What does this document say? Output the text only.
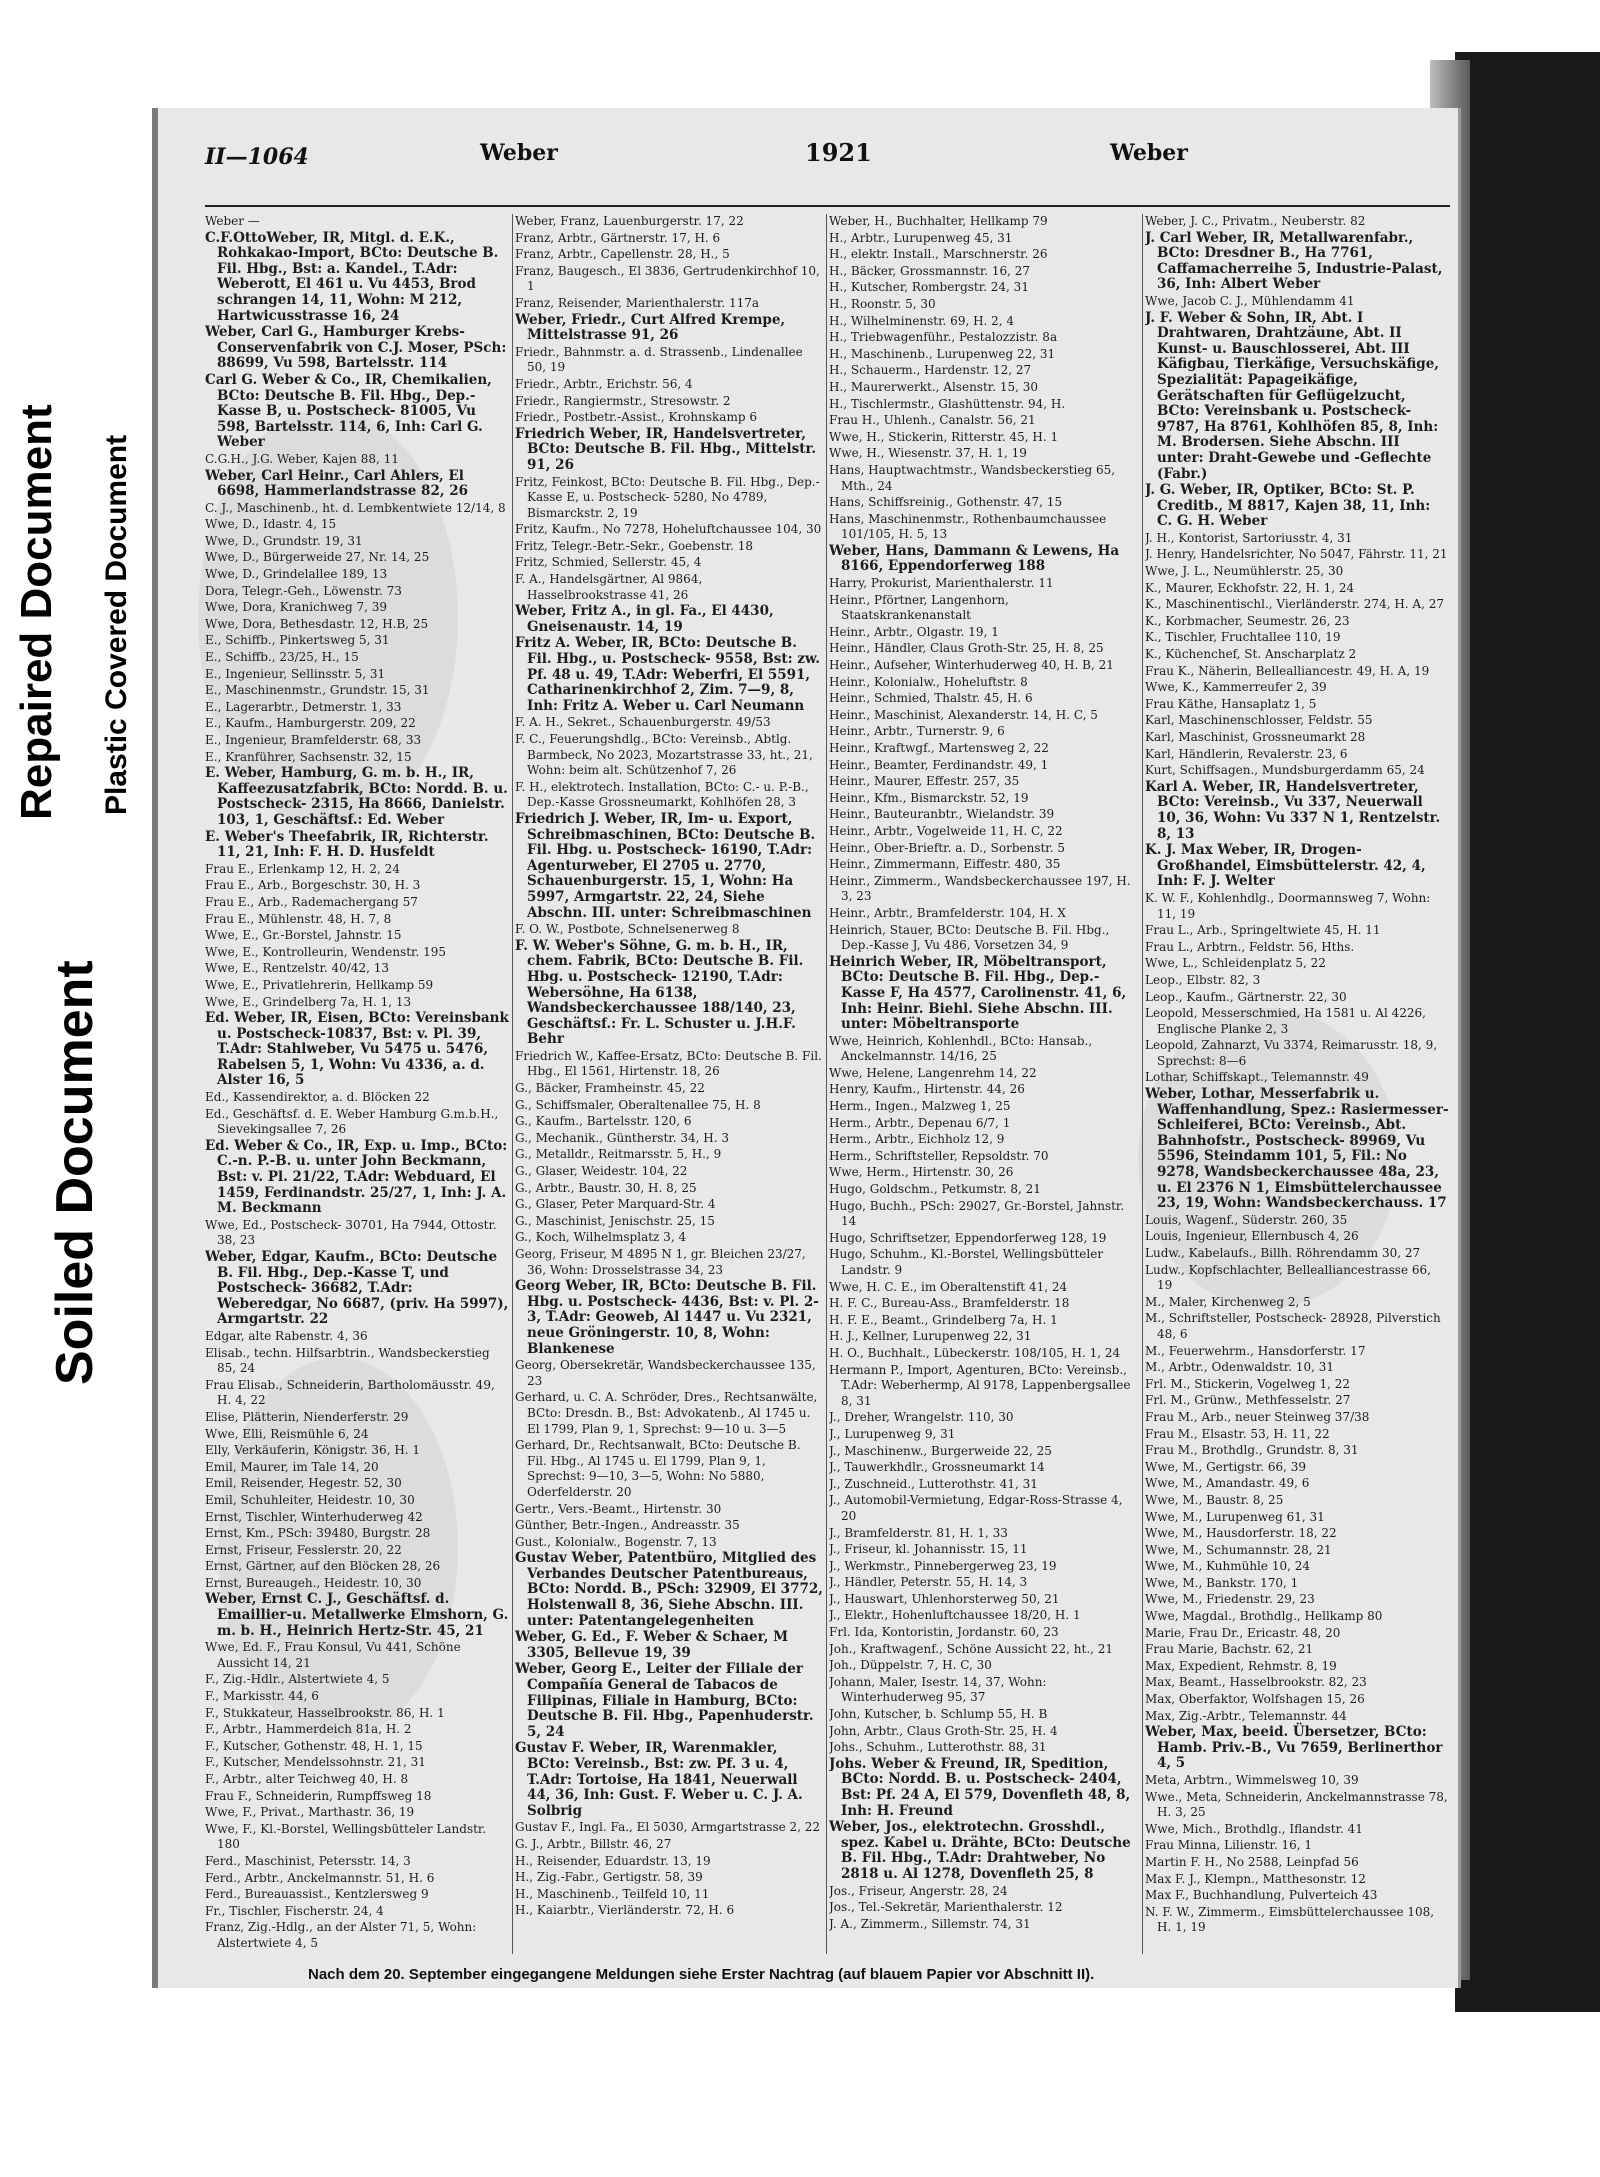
Repaired Document Plastic Covered Document
Soiled Document
II—1064	Weber	1921	Weber
Weber —
C.F.OttoWeber, IR, Mitgl. d. E.K., Rohkakao-Import, BCto: Deutsche B. Fil. Hbg., Bst: a. Kandel., T.Adr: Weberott, El 461 u. Vu 4453, Brod schrangen 14, 11, Wohn: M 212, Hartwicusstrasse 16, 24
Weber, Carl G., Hamburger Krebs-Conservenfabrik von C.J. Moser, PSch: 88699, Vu 598, Bartelsstr. 114
Carl G. Weber & Co., IR, Chemikalien, BCto: Deutsche B. Fil. Hbg., Dep.-Kasse B, u. Postscheck- 81005, Vu 598, Bartelsstr. 114, 6, Inh: Carl G. Weber
C.G.H., J.G. Weber, Kajen 88, 11
Weber, Carl Heinr., Carl Ahlers, El 6698, Hammerlandstrasse 82, 26
C. J., Maschinenb., ht. d. Lembkentwiete 12/14, 8
Wwe, D., Idastr. 4, 15
Wwe, D., Grundstr. 19, 31
Wwe, D., Bürgerweide 27, Nr. 14, 25
Wwe, D., Grindelallee 189, 13
Dora, Telegr.-Geh., Löwenstr. 73
Wwe, Dora, Kranichweg 7, 39
Wwe, Dora, Bethesdastr. 12, H.B, 25
E., Schiffb., Pinkertsweg 5, 31
E., Schiffb., 23/25, H., 15
E., Ingenieur, Sellinsstr. 5, 31
E., Maschinenmstr., Grundstr. 15, 31
E., Lagerarbtr., Detmerstr. 1, 33
E., Kaufm., Hamburgerstr. 209, 22
E., Ingenieur, Bramfelderstr. 68, 33
E., Kranführer, Sachsenstr. 32, 15
E. Weber, Hamburg, G. m. b. H., IR, Kaffeezusatzfabrik, BCto: Nordd. B. u. Postscheck- 2315, Ha 8666, Danielstr. 103, 1, Geschäftsf.: Ed. Weber
E. Weber's Theefabrik, IR, Richterstr. 11, 21, Inh: F. H. D. Husfeldt
Frau E., Erlenkamp 12, H. 2, 24
Frau E., Arb., Borgeschstr. 30, H. 3
Frau E., Arb., Rademachergang 57
Frau E., Mühlenstr. 48, H. 7, 8
Wwe, E., Gr.-Borstel, Jahnstr. 15
Wwe, E., Kontrolleurin, Wendenstr. 195
Wwe, E., Rentzelstr. 40/42, 13
Wwe, E., Privatlehrerin, Hellkamp 59
Wwe, E., Grindelberg 7a, H. 1, 13
Ed. Weber, IR, Eisen, BCto: Vereinsbank u. Postscheck-10837, Bst: v. Pl. 39, T.Adr: Stahlweber, Vu 5475 u. 5476, Rabelsen 5, 1, Wohn: Vu 4336, a. d. Alster 16, 5
Ed., Kassendirektor, a. d. Blöcken 22
Ed., Geschäftsf. d. E. Weber Hamburg G.m.b.H., Sievekingsallee 7, 26
Ed. Weber & Co., IR, Exp. u. Imp., BCto: C.-n. P.-B. u. unter John Beckmann, Bst: v. Pl. 21/22, T.Adr: Webduard, El 1459, Ferdinandstr. 25/27, 1, Inh: J. A. M. Beckmann
Wwe, Ed., Postscheck- 30701, Ha 7944, Ottostr. 38, 23
Weber, Edgar, Kaufm., BCto: Deutsche B. Fil. Hbg., Dep.-Kasse T, und Postscheck- 36682, T.Adr: Weberedgar, No 6687, (priv. Ha 5997), Armgartstr. 22
Edgar, alte Rabenstr. 4, 36
Elisab., techn. Hilfsarbtrin., Wandsbeckerstieg 85, 24
Frau Elisab., Schneiderin, Bartholomäusstr. 49, H. 4, 22
Elise, Plätterin, Nienderferstr. 29
Wwe, Elli, Reismühle 6, 24
Elly, Verkäuferin, Königstr. 36, H. 1
Emil, Maurer, im Tale 14, 20
Emil, Reisender, Hegestr. 52, 30
Emil, Schuhleiter, Heidestr. 10, 30
Ernst, Tischler, Winterhuderweg 42
Ernst, Km., PSch: 39480, Burgstr. 28
Ernst, Friseur, Fesslerstr. 20, 22
Ernst, Gärtner, auf den Blöcken 28, 26
Ernst, Bureaugeh., Heidestr. 10, 30
Weber, Ernst C. J., Geschäftsf. d. Emaillier-u. Metallwerke Elmshorn, G. m. b. H., Heinrich Hertz-Str. 45, 21
Wwe, Ed. F., Frau Konsul, Vu 441, Schöne Aussicht 14, 21
F., Zig.-Hdlr., Alstertwiete 4, 5
F., Markisstr. 44, 6
F., Stukkateur, Hasselbrookstr. 86, H. 1
F., Arbtr., Hammerdeich 81a, H. 2
F., Kutscher, Gothenstr. 48, H. 1, 15
F., Kutscher, Mendelssohnstr. 21, 31
F., Arbtr., alter Teichweg 40, H. 8
Frau F., Schneiderin, Rumpffsweg 18
Wwe, F., Privat., Marthastr. 36, 19
Wwe, F., Kl.-Borstel, Wellingsbütteler Landstr. 180
Ferd., Maschinist, Petersstr. 14, 3
Ferd., Arbtr., Anckelmannstr. 51, H. 6
Ferd., Bureauassist., Kentzlersweg 9
Fr., Tischler, Fischerstr. 24, 4
Franz, Zig.-Hdlg., an der Alster 71, 5, Wohn: Alstertwiete 4, 5
Weber, Franz, Lauenburgerstr. 17, 22
Franz, Arbtr., Gärtnerstr. 17, H. 6
Franz, Arbtr., Capellenstr. 28, H., 5
Franz, Baugesch., El 3836, Gertrudenkirchhof 10, 1
Franz, Reisender, Marienthalerstr. 117a
Weber, Friedr., Curt Alfred Krempe, Mittelstrasse 91, 26
Friedr., Bahnmstr. a. d. Strassenb., Lindenallee 50, 19
Friedr., Arbtr., Erichstr. 56, 4
Friedr., Rangiermstr., Stresowstr. 2
Friedr., Postbetr.-Assist., Krohnskamp 6
Friedrich Weber, IR, Handelsvertreter, BCto: Deutsche B. Fil. Hbg., Mittelstr. 91, 26
Fritz, Feinkost, BCto: Deutsche B. Fil. Hbg., Dep.-Kasse E, u. Postscheck- 5280, No 4789, Bismarckstr. 2, 19
Fritz, Kaufm., No 7278, Hoheluftchaussee 104, 30
Fritz, Telegr.-Betr.-Sekr., Goebenstr. 18
Fritz, Schmied, Sellerstr. 45, 4
F. A., Handelsgärtner, Al 9864, Hasselbrookstrasse 41, 26
Weber, Fritz A., in gl. Fa., El 4430, Gneisenaustr. 14, 19
Fritz A. Weber, IR, BCto: Deutsche B. Fil. Hbg., u. Postscheck- 9558, Bst: zw. Pf. 48 u. 49, T.Adr: Weberfri, El 5591, Catharinenkirchhof 2, Zim. 7—9, 8, Inh: Fritz A. Weber u. Carl Neumann
F. A. H., Sekret., Schauenburgerstr. 49/53
F. C., Feuerungshdlg., BCto: Vereinsb., Abtlg. Barmbeck, No 2023, Mozartstrasse 33, ht., 21, Wohn: beim alt. Schützenhof 7, 26
F. H., elektrotech. Installation, BCto: C.- u. P.-B., Dep.-Kasse Grossneumarkt, Kohlhöfen 28, 3
Friedrich J. Weber, IR, Im- u. Export, Schreibmaschinen, BCto: Deutsche B. Fil. Hbg. u. Postscheck- 16190, T.Adr: Agenturweber, El 2705 u. 2770, Schauenburgerstr. 15, 1, Wohn: Ha 5997, Armgartstr. 22, 24, Siehe Abschn. III. unter: Schreibmaschinen
F. O. W., Postbote, Schnelsenerweg 8
F. W. Weber's Söhne, G. m. b. H., IR, chem. Fabrik, BCto: Deutsche B. Fil. Hbg. u. Postscheck- 12190, T.Adr: Webersöhne, Ha 6138, Wandsbeckerchaussee 188/140, 23, Geschäftsf.: Fr. L. Schuster u. J.H.F. Behr
Friedrich W., Kaffee-Ersatz, BCto: Deutsche B. Fil. Hbg., El 1561, Hirtenstr. 18, 26
G., Bäcker, Framheinstr. 45, 22
G., Schiffsmaler, Oberaltenallee 75, H. 8
G., Kaufm., Bartelsstr. 120, 6
G., Mechanik., Güntherstr. 34, H. 3
G., Metalldr., Reitmarsstr. 5, H., 9
G., Glaser, Weidestr. 104, 22
G., Arbtr., Baustr. 30, H. 8, 25
G., Glaser, Peter Marquard-Str. 4
G., Maschinist, Jenischstr. 25, 15
G., Koch, Wilhelmsplatz 3, 4
Georg, Friseur, M 4895 N 1, gr. Bleichen 23/27, 36, Wohn: Drosselstrasse 34, 23
Georg Weber, IR, BCto: Deutsche B. Fil. Hbg. u. Postscheck- 4436, Bst: v. Pl. 2-3, T.Adr: Geoweb, Al 1447 u. Vu 2321, neue Gröningerstr. 10, 8, Wohn: Blankenese
Georg, Obersekretär, Wandsbeckerchaussee 135, 23
Gerhard, u. C. A. Schröder, Dres., Rechtsanwälte, BCto: Dresdn. B., Bst: Advokatenb., Al 1745 u. El 1799, Plan 9, 1, Sprechst: 9—10 u. 3—5
Gerhard, Dr., Rechtsanwalt, BCto: Deutsche B. Fil. Hbg., Al 1745 u. El 1799, Plan 9, 1, Sprechst: 9—10, 3—5, Wohn: No 5880, Oderfelderstr. 20
Gertr., Vers.-Beamt., Hirtenstr. 30
Günther, Betr.-Ingen., Andreasstr. 35
Gust., Kolonialw., Bogenstr. 7, 13
Gustav Weber, Patentbüro, Mitglied des Verbandes Deutscher Patentbureaus, BCto: Nordd. B., PSch: 32909, El 3772, Holstenwall 8, 36, Siehe Abschn. III. unter: Patentangelegenheiten
Weber, G. Ed., F. Weber & Schaer, M 3305, Bellevue 19, 39
Weber, Georg E., Leiter der Filiale der Compañía General de Tabacos de Filipinas, Filiale in Hamburg, BCto: Deutsche B. Fil. Hbg., Papenhuderstr. 5, 24
Gustav F. Weber, IR, Warenmakler, BCto: Vereinsb., Bst: zw. Pf. 3 u. 4, T.Adr: Tortoise, Ha 1841, Neuerwall 44, 36, Inh: Gust. F. Weber u. C. J. A. Solbrig
Gustav F., Ingl. Fa., El 5030, Armgartstrasse 2, 22
G. J., Arbtr., Billstr. 46, 27
H., Reisender, Eduardstr. 13, 19
H., Zig.-Fabr., Gertigstr. 58, 39
H., Maschinenb., Teilfeld 10, 11
H., Kaiarbtr., Vierländerstr. 72, H. 6
Weber, H., Buchhalter, Hellkamp 79
H., Arbtr., Lurupenweg 45, 31
H., elektr. Install., Marschnerstr. 26
H., Bäcker, Grossmannstr. 16, 27
H., Kutscher, Rombergstr. 24, 31
H., Roonstr. 5, 30
H., Wilhelminenstr. 69, H. 2, 4
H., Triebwagenführ., Pestalozzistr. 8a
H., Maschinenb., Lurupenweg 22, 31
H., Schauerm., Hardenstr. 12, 27
H., Maurerwerkt., Alsenstr. 15, 30
H., Tischlermstr., Glashüttenstr. 94, H.
Frau H., Uhlenh., Canalstr. 56, 21
Wwe, H., Stickerin, Ritterstr. 45, H. 1
Wwe, H., Wiesenstr. 37, H. 1, 19
Hans, Hauptwachtmstr., Wandsbeckerstieg 65, Mth., 24
Hans, Schiffsreinig., Gothenstr. 47, 15
Hans, Maschinenmstr., Rothenbaumchaussee 101/105, H. 5, 13
Weber, Hans, Dammann & Lewens, Ha 8166, Eppendorferweg 188
Harry, Prokurist, Marienthalerstr. 11
Heinr., Pförtner, Langenhorn, Staatskrankenanstalt
Heinr., Arbtr., Olgastr. 19, 1
Heinr., Händler, Claus Groth-Str. 25, H. 8, 25
Heinr., Aufseher, Winterhuderweg 40, H. B, 21
Heinr., Kolonialw., Hoheluftstr. 8
Heinr., Schmied, Thalstr. 45, H. 6
Heinr., Maschinist, Alexanderstr. 14, H. C, 5
Heinr., Arbtr., Turnerstr. 9, 6
Heinr., Kraftwgf., Martensweg 2, 22
Heinr., Beamter, Ferdinandstr. 49, 1
Heinr., Maurer, Effestr. 257, 35
Heinr., Kfm., Bismarckstr. 52, 19
Heinr., Bauteuranbtr., Wielandstr. 39
Heinr., Arbtr., Vogelweide 11, H. C, 22
Heinr., Ober-Brieftr. a. D., Sorbenstr. 5
Heinr., Zimmermann, Eiffestr. 480, 35
Heinr., Zimmerm., Wandsbeckerchaussee 197, H. 3, 23
Heinr., Arbtr., Bramfelderstr. 104, H. X
Heinrich, Stauer, BCto: Deutsche B. Fil. Hbg., Dep.-Kasse J, Vu 486, Vorsetzen 34, 9
Heinrich Weber, IR, Möbeltransport, BCto: Deutsche B. Fil. Hbg., Dep.-Kasse F, Ha 4577, Carolinenstr. 41, 6, Inh: Heinr. Biehl. Siehe Abschn. III. unter: Möbeltransporte
Wwe, Heinrich, Kohlenhdl., BCto: Hansab., Anckelmannstr. 14/16, 25
Wwe, Helene, Langenrehm 14, 22
Henry, Kaufm., Hirtenstr. 44, 26
Herm., Ingen., Malzweg 1, 25
Herm., Arbtr., Depenau 6/7, 1
Herm., Arbtr., Eichholz 12, 9
Herm., Schriftsteller, Repsoldstr. 70
Wwe, Herm., Hirtenstr. 30, 26
Hugo, Goldschm., Petkumstr. 8, 21
Hugo, Buchh., PSch: 29027, Gr.-Borstel, Jahnstr. 14
Hugo, Schriftsetzer, Eppendorferweg 128, 19
Hugo, Schuhm., Kl.-Borstel, Wellingsbütteler Landstr. 9
Wwe, H. C. E., im Oberaltenstift 41, 24
H. F. C., Bureau-Ass., Bramfelderstr. 18
H. F. E., Beamt., Grindelberg 7a, H. 1
H. J., Kellner, Lurupenweg 22, 31
H. O., Buchhalt., Lübeckerstr. 108/105, H. 1, 24
Hermann P., Import, Agenturen, BCto: Vereinsb., T.Adr: Weberhermp, Al 9178, Lappenbergsallee 8, 31
J., Dreher, Wrangelstr. 110, 30
J., Lurupenweg 9, 31
J., Maschinenw., Burgerweide 22, 25
J., Tauwerkhdlr., Grossneumarkt 14
J., Zuschneid., Lutterothstr. 41, 31
J., Automobil-Vermietung, Edgar-Ross-Strasse 4, 20
J., Bramfelderstr. 81, H. 1, 33
J., Friseur, kl. Johannisstr. 15, 11
J., Werkmstr., Pinnebergerweg 23, 19
J., Händler, Peterstr. 55, H. 14, 3
J., Hauswart, Uhlenhorsterweg 50, 21
J., Elektr., Hohenluftchaussee 18/20, H. 1
Frl. Ida, Kontoristin, Jordanstr. 60, 23
Joh., Kraftwagenf., Schöne Aussicht 22, ht., 21
Joh., Düppelstr. 7, H. C, 30
Johann, Maler, Isestr. 14, 37, Wohn: Winterhuderweg 95, 37
John, Kutscher, b. Schlump 55, H. B
John, Arbtr., Claus Groth-Str. 25, H. 4
Johs., Schuhm., Lutterothstr. 88, 31
Johs. Weber & Freund, IR, Spedition, BCto: Nordd. B. u. Postscheck- 2404, Bst: Pf. 24 A, El 579, Dovenfleth 48, 8, Inh: H. Freund
Weber, Jos., elektrotechn. Grosshdl., spez. Kabel u. Drähte, BCto: Deutsche B. Fil. Hbg., T.Adr: Drahtweber, No 2818 u. Al 1278, Dovenfleth 25, 8
Jos., Friseur, Angerstr. 28, 24
Jos., Tel.-Sekretär, Marienthalerstr. 12
J. A., Zimmerm., Sillemstr. 74, 31
Weber, J. C., Privatm., Neuberstr. 82
J. Carl Weber, IR, Metallwarenfabr., BCto: Dresdner B., Ha 7761, Caffamacherreihe 5, Industrie-Palast, 36, Inh: Albert Weber
Wwe, Jacob C. J., Mühlendamm 41
J. F. Weber & Sohn, IR, Abt. I Drahtwaren, Drahtzäune, Abt. II Kunst- u. Bauschlosserei, Abt. III Käfigbau, Tierkäfige, Versuchskäfige, Spezialität: Papageikäfige, Gerätschaften für Geflügelzucht, BCto: Vereinsbank u. Postscheck- 9787, Ha 8761, Kohlhöfen 85, 8, Inh: M. Brodersen. Siehe Abschn. III unter: Draht-Gewebe und -Geflechte (Fabr.)
J. G. Weber, IR, Optiker, BCto: St. P. Creditb., M 8817, Kajen 38, 11, Inh: C. G. H. Weber
J. H., Kontorist, Sartoriusstr. 4, 31
J. Henry, Handelsrichter, No 5047, Fährstr. 11, 21
Wwe, J. L., Neumühlerstr. 25, 30
K., Maurer, Eckhofstr. 22, H. 1, 24
K., Maschinentischl., Vierländerstr. 274, H. A, 27
K., Korbmacher, Seumestr. 26, 23
K., Tischler, Fruchtallee 110, 19
K., Küchenchef, St. Anscharplatz 2
Frau K., Näherin, Bellealliancestr. 49, H. A, 19
Wwe, K., Kammerreufer 2, 39
Frau Käthe, Hansaplatz 1, 5
Karl, Maschinenschlosser, Feldstr. 55
Karl, Maschinist, Grossneumarkt 28
Karl, Händlerin, Revalerstr. 23, 6
Kurt, Schiffsagen., Mundsburgerdamm 65, 24
Karl A. Weber, IR, Handelsvertreter, BCto: Vereinsb., Vu 337, Neuerwall 10, 36, Wohn: Vu 337 N 1, Rentzelstr. 8, 13
K. J. Max Weber, IR, Drogen-Großhandel, Eimsbüttelerstr. 42, 4, Inh: F. J. Welter
K. W. F., Kohlenhdlg., Doormannsweg 7, Wohn: 11, 19
Frau L., Arb., Springeltwiete 45, H. 11
Frau L., Arbtrn., Feldstr. 56, Hths.
Wwe, L., Schleidenplatz 5, 22
Leop., Elbstr. 82, 3
Leop., Kaufm., Gärtnerstr. 22, 30
Leopold, Messerschmied, Ha 1581 u. Al 4226, Englische Planke 2, 3
Leopold, Zahnarzt, Vu 3374, Reimarusstr. 18, 9, Sprechst: 8—6
Lothar, Schiffskapt., Telemannstr. 49
Weber, Lothar, Messerfabrik u. Waffenhandlung, Spez.: Rasiermesser-Schleiferei, BCto: Vereinsb., Abt. Bahnhofstr., Postscheck- 89969, Vu 5596, Steindamm 101, 5, Fil.: No 9278, Wandsbeckerchaussee 48a, 23, u. El 2376 N 1, Eimsbüttelerchaussee 23, 19, Wohn: Wandsbeckerchauss. 17
Louis, Wagenf., Süderstr. 260, 35
Louis, Ingenieur, Ellernbusch 4, 26
Ludw., Kabelaufs., Billh. Röhrendamm 30, 27
Ludw., Kopfschlachter, Bellealliancestrasse 66, 19
M., Maler, Kirchenweg 2, 5
M., Schriftsteller, Postscheck- 28928, Pilverstich 48, 6
M., Feuerwehrm., Hansdorferstr. 17
M., Arbtr., Odenwaldstr. 10, 31
Frl. M., Stickerin, Vogelweg 1, 22
Frl. M., Grünw., Methfesselstr. 27
Frau M., Arb., neuer Steinweg 37/38
Frau M., Elsastr. 53, H. 11, 22
Frau M., Brothdlg., Grundstr. 8, 31
Wwe, M., Gertigstr. 66, 39
Wwe, M., Amandastr. 49, 6
Wwe, M., Baustr. 8, 25
Wwe, M., Lurupenweg 61, 31
Wwe, M., Hausdorferstr. 18, 22
Wwe, M., Schumannstr. 28, 21
Wwe, M., Kuhmühle 10, 24
Wwe, M., Bankstr. 170, 1
Wwe, M., Friedenstr. 29, 23
Wwe, Magdal., Brothdlg., Hellkamp 80
Marie, Frau Dr., Ericastr. 48, 20
Frau Marie, Bachstr. 62, 21
Max, Expedient, Rehmstr. 8, 19
Max, Beamt., Hasselbrookstr. 82, 23
Max, Oberfaktor, Wolfshagen 15, 26
Max, Zig.-Arbtr., Telemannstr. 44
Weber, Max, beeid. Übersetzer, BCto: Hamb. Priv.-B., Vu 7659, Berlinerthor 4, 5
Meta, Arbtrn., Wimmelsweg 10, 39
Wwe., Meta, Schneiderin, Anckelmannstrasse 78, H. 3, 25
Wwe, Mich., Brothdlg., Iflandstr. 41
Frau Minna, Lilienstr. 16, 1
Martin F. H., No 2588, Leinpfad 56
Max F. J., Klempn., Matthesonstr. 12
Max F., Buchhandlung, Pulverteich 43
N. F. W., Zimmerm., Eimsbüttelerchaussee 108, H. 1, 19
Nach dem 20. September eingegangene Meldungen siehe Erster Nachtrag (auf blauem Papier vor Abschnitt II).
